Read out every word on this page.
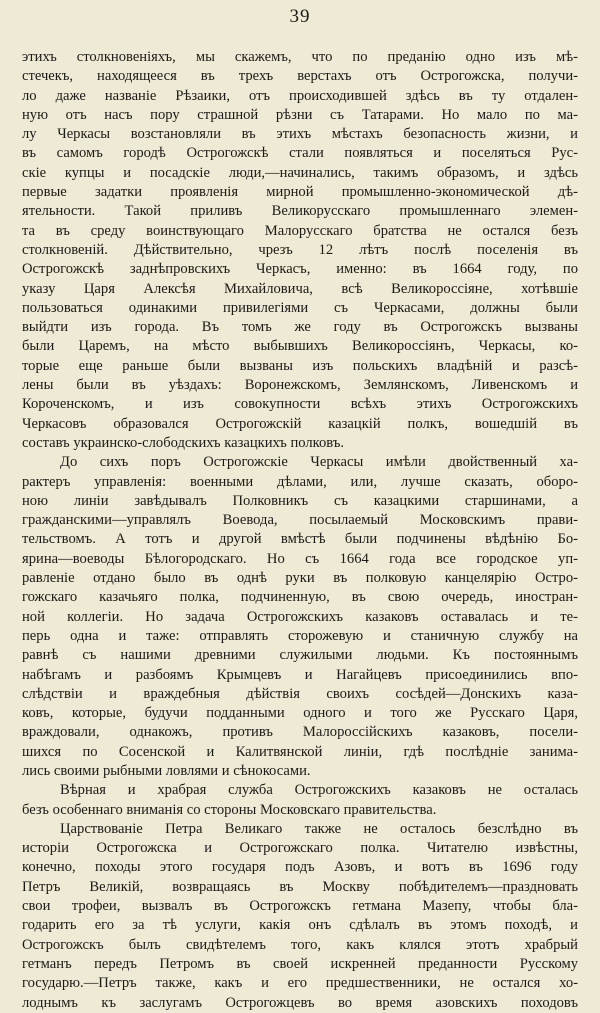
39
этихъ столкновенiяхъ, мы скажемъ, что по преданiю одно изъ мѣ-
стечекъ, находящееся въ трехъ верстахъ отъ Острогожска, получи-
ло даже названiе Рѣзаики, отъ происходившей здѣсь въ ту отдален-
ную отъ насъ пору страшной рѣзни съ Татарами. Но мало по ма-
лу Черкасы возстановляли въ этихъ мѣстахъ безопасность жизни, и
въ самомъ городѣ Острогожскѣ стали появляться и поселяться Рус-
скiе купцы и посадскiе люди,—начинались, такимъ образомъ, и здѣсь
первые задатки проявленiя мирной промышленно-экономической дѣ-
ятельности. Такой приливъ Великорусскаго промышленнаго элемен-
та въ среду воинствующаго Малорусскаго братства не остался безъ
столкновенiй. Дѣйствительно, чрезъ 12 лѣтъ послѣ поселенiя въ
Острогожскѣ заднѣпровскихъ Черкасъ, именно: въ 1664 году, по
указу Царя Алексѣя Михайловича, всѣ Великороссiяне, хотѣвшiе
пользоваться одинакими привилегiями съ Черкасами, должны были
выйдти изъ города. Въ томъ же году въ Острогожскъ вызваны
были Царемъ, на мѣсто выбывшихъ Великороссiянъ, Черкасы, ко-
торые еще раньше были вызваны изъ польскихъ владѣнiй и разсѣ-
лены были въ уѣздахъ: Воронежскомъ, Землянскомъ, Ливенскомъ и
Короченскомъ, и изъ совокупности всѣхъ этихъ Острогожскихъ
Черкасовъ образовался Острогожскiй казацкiй полкъ, вошедшiй въ
составъ украинско-слободскихъ казацкихъ полковъ.
До сихъ поръ Острогожскiе Черкасы имѣли двойственный ха-
рактеръ управленiя: военными дѣлами, или, лучше сказать, оборо-
ною линiи завѣдывалъ Полковникъ съ казацкими старшинами, а
гражданскими—управлялъ Воевода, посылаемый Московскимъ прави-
тельствомъ. А тотъ и другой вмѣстѣ были подчинены вѣдѣнiю Бо-
ярина—воеводы Бѣлогородскаго. Но съ 1664 года все городское уп-
равленiе отдано было въ однѣ руки въ полковую канцелярiю Остро-
гожскаго казачьяго полка, подчиненную, въ свою очередь, иностран-
ной коллегiи. Но задача Острогожскихъ казаковъ оставалась и те-
перь одна и таже: отправлять сторожевую и станичную службу на
равнѣ съ нашими древними служилыми людьми. Къ постояннымъ
набѣгамъ и разбоямъ Крымцевъ и Нагайцевъ присоединились впо-
слѣдствiи и враждебныя дѣйствiя своихъ сосѣдей—Донскихъ каза-
ковъ, которые, будучи подданными одного и того же Русскаго Царя,
враждовали, однакожъ, противъ Малороссiйскихъ казаковъ, посели-
шихся по Сосенской и Калитвянской линiи, гдѣ послѣднiе занима-
лись своими рыбными ловлями и сѣнокосами.
Вѣрная и храбрая служба Острогожскихъ казаковъ не осталась
безъ особеннаго вниманiя со стороны Московскаго правительства.
Царствованiе Петра Великаго также не осталось безслѣдно въ
исторiи Острогожска и Острогожскаго полка. Читателю извѣстны,
конечно, походы этого государя подъ Азовъ, и вотъ въ 1696 году
Петръ Великiй, возвращаясь въ Москву побѣдителемъ—праздновать
свои трофеи, вызвалъ въ Острогожскъ гетмана Мазепу, чтобы бла-
годарить его за тѣ услуги, какiя онъ сдѣлалъ въ этомъ походѣ, и
Острогожскъ былъ свидѣтелемъ того, какъ клялся этотъ храбрый
гетманъ передъ Петромъ въ своей искренней преданности Русскому
государю.—Петръ также, какъ и его предшественники, не остался хо-
лоднымъ къ заслугамъ Острогожцевъ во время азовскихъ походовъ
